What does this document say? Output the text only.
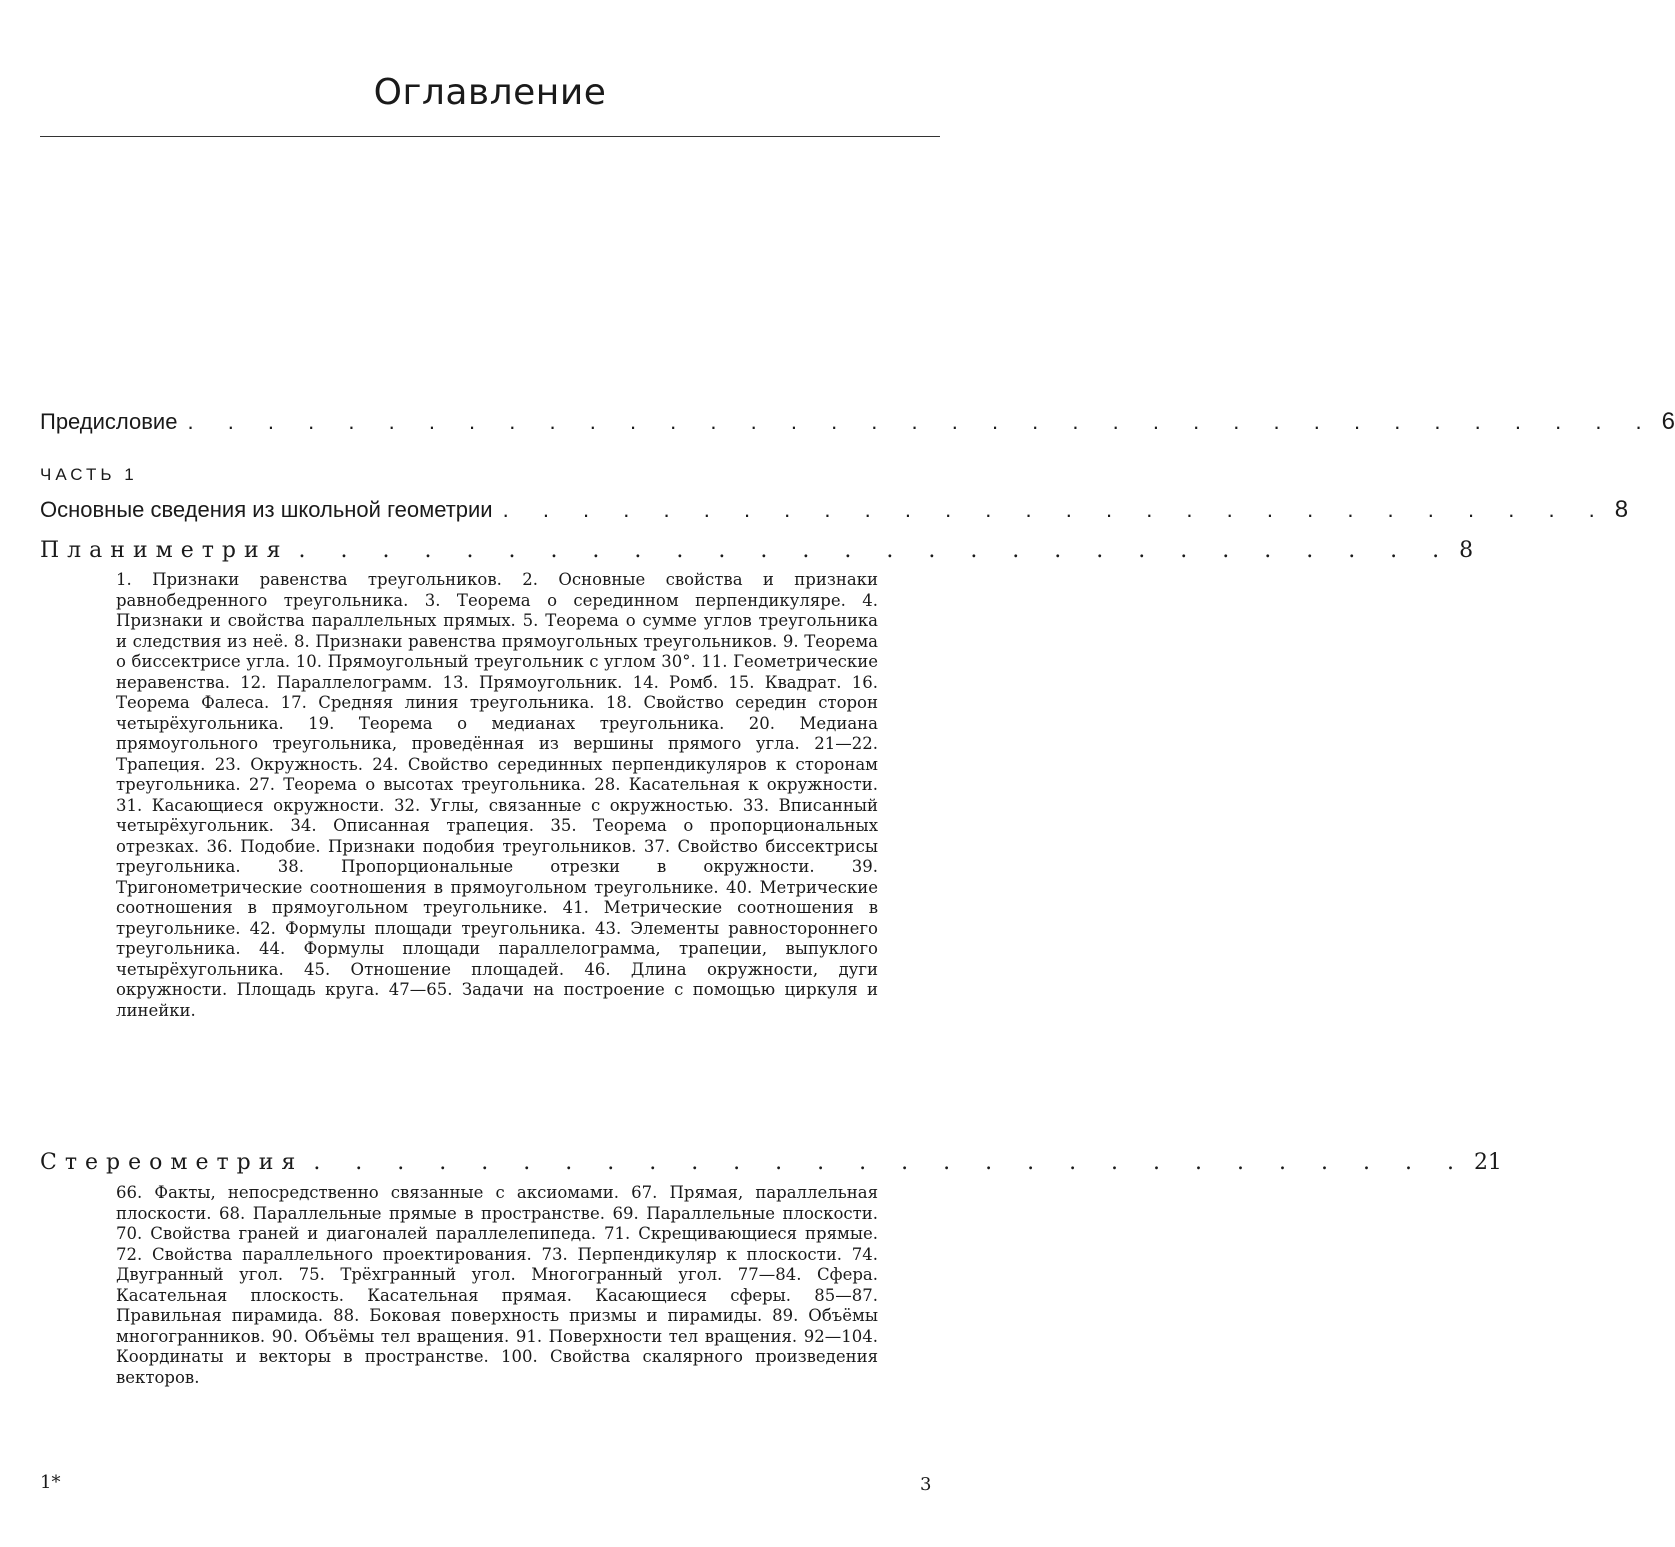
Оглавление
Предисловие . . . . . . . . . . . . . . . . . . . . . . . . . . . . . . . . . . . . . 6
ЧАСТЬ 1
Основные сведения из школьной геометрии . . . . . . . . . . . . . . . . . . . . . . . . . . . . 8
Планиметрия . . . . . . . . . . . . . . . . . . . . . . . . . . . . 8
1. Признаки равенства треугольников. 2. Основные свойства и признаки равнобедренного треугольника. 3. Теорема о серединном перпендикуляре. 4. Признаки и свойства параллельных прямых. 5. Теорема о сумме углов треугольника и следствия из неё. 8. Признаки равенства прямоугольных треугольников. 9. Теорема о биссектрисе угла. 10. Прямоугольный треугольник с углом 30°. 11. Геометрические неравенства. 12. Параллелограмм. 13. Прямоугольник. 14. Ромб. 15. Квадрат. 16. Теорема Фалеса. 17. Средняя линия треугольника. 18. Свойство середин сторон четырёхугольника. 19. Теорема о медианах треугольника. 20. Медиана прямоугольного треугольника, проведённая из вершины прямого угла. 21—22. Трапеция. 23. Окружность. 24. Свойство серединных перпендикуляров к сторонам треугольника. 27. Теорема о высотах треугольника. 28. Касательная к окружности. 31. Касающиеся окружности. 32. Углы, связанные с окружностью. 33. Вписанный четырёхугольник. 34. Описанная трапеция. 35. Теорема о пропорциональных отрезках. 36. Подобие. Признаки подобия треугольников. 37. Свойство биссектрисы треугольника. 38. Пропорциональные отрезки в окружности. 39. Тригонометрические соотношения в прямоугольном треугольнике. 40. Метрические соотношения в прямоугольном треугольнике. 41. Метрические соотношения в треугольнике. 42. Формулы площади треугольника. 43. Элементы равностороннего треугольника. 44. Формулы площади параллелограмма, трапеции, выпуклого четырёхугольника. 45. Отношение площадей. 46. Длина окружности, дуги окружности. Площадь круга. 47—65. Задачи на построение с помощью циркуля и линейки.
Стереометрия . . . . . . . . . . . . . . . . . . . . . . . . . . . . 21
66. Факты, непосредственно связанные с аксиомами. 67. Прямая, параллельная плоскости. 68. Параллельные прямые в пространстве. 69. Параллельные плоскости. 70. Свойства граней и диагоналей параллелепипеда. 71. Скрещивающиеся прямые. 72. Свойства параллельного проектирования. 73. Перпендикуляр к плоскости. 74. Двугранный угол. 75. Трёхгранный угол. Многогранный угол. 77—84. Сфера. Касательная плоскость. Касательная прямая. Касающиеся сферы. 85—87. Правильная пирамида. 88. Боковая поверхность призмы и пирамиды. 89. Объёмы многогранников. 90. Объёмы тел вращения. 91. Поверхности тел вращения. 92—104. Координаты и векторы в пространстве. 100. Свойства скалярного произведения векторов.
1*	3
